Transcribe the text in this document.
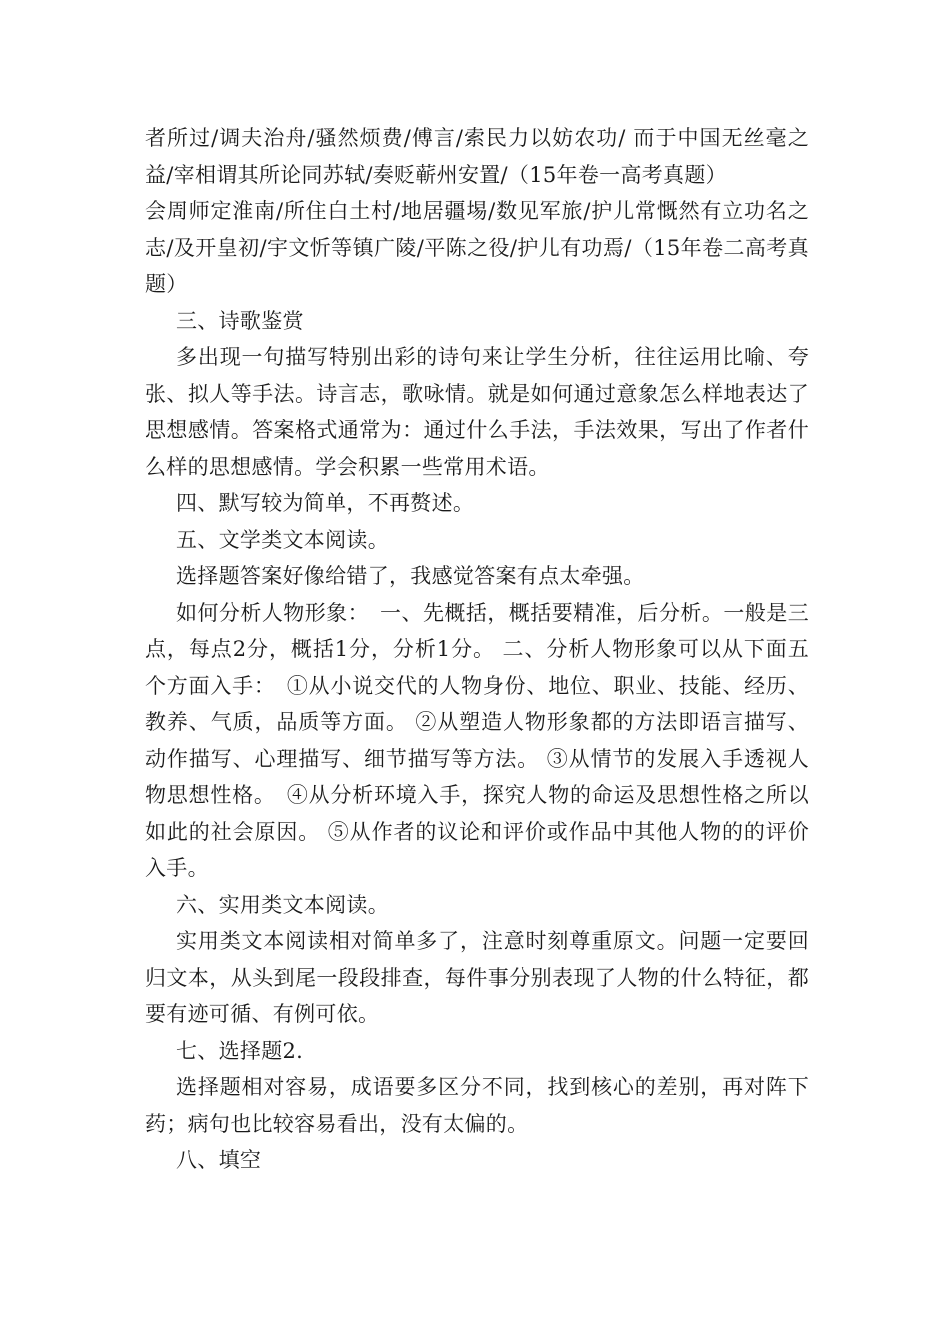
者所过/调夫治舟/骚然烦费/傅言/索民力以妨农功/ 而于中国无丝毫之益/宰相谓其所论同苏轼/奏贬蕲州安置/（15年卷一高考真题）

会周师定淮南/所住白土村/地居疆埸/数见军旅/护儿常慨然有立功名之志/及开皇初/宇文忻等镇广陵/平陈之役/护儿有功焉/（15年卷二高考真题）

三、诗歌鉴赏

多出现一句描写特别出彩的诗句来让学生分析，往往运用比喻、夸张、拟人等手法。诗言志，歌咏情。就是如何通过意象怎么样地表达了思想感情。答案格式通常为：通过什么手法，手法效果，写出了作者什么样的思想感情。学会积累一些常用术语。

四、默写较为简单，不再赘述。

五、文学类文本阅读。

选择题答案好像给错了，我感觉答案有点太牵强。

如何分析人物形象：　一、先概括，概括要精准，后分析。一般是三点，每点2分，概括1分，分析1分。 二、分析人物形象可以从下面五个方面入手：　①从小说交代的人物身份、地位、职业、技能、经历、教养、气质，品质等方面。 ②从塑造人物形象都的方法即语言描写、动作描写、心理描写、细节描写等方法。 ③从情节的发展入手透视人物思想性格。　④从分析环境入手，探究人物的命运及思想性格之所以如此的社会原因。 ⑤从作者的议论和评价或作品中其他人物的的评价入手。

六、实用类文本阅读。

实用类文本阅读相对简单多了，注意时刻尊重原文。问题一定要回归文本，从头到尾一段段排查，每件事分别表现了人物的什么特征，都要有迹可循、有例可依。

七、选择题2.

选择题相对容易，成语要多区分不同，找到核心的差别，再对阵下药；病句也比较容易看出，没有太偏的。

八、填空
